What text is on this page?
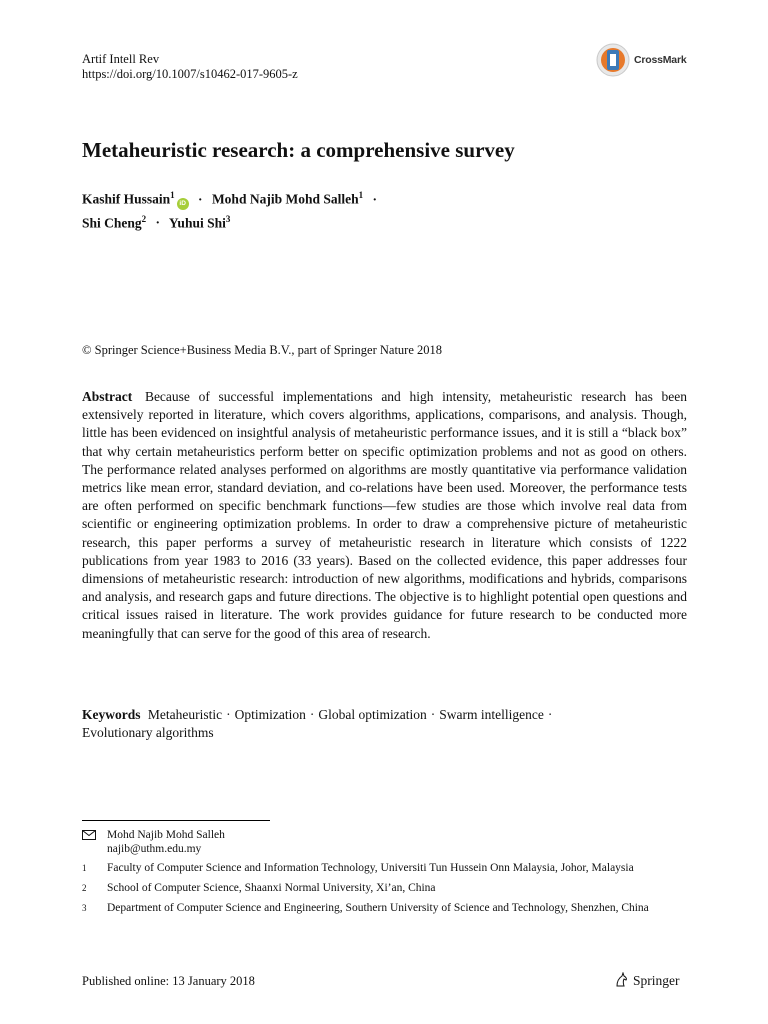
Artif Intell Rev
https://doi.org/10.1007/s10462-017-9605-z
CrossMark
Metaheuristic research: a comprehensive survey
Kashif Hussain$^1$iD · Mohd Najib Mohd Salleh$^1$ ·
Shi Cheng$^2$ · Yuhui Shi$^3$
© Springer Science+Business Media B.V., part of Springer Nature 2018
Abstract Because of successful implementations and high intensity, metaheuristic research has been extensively reported in literature, which covers algorithms, applications, comparisons, and analysis. Though, little has been evidenced on insightful analysis of metaheuristic performance issues, and it is still a “black box” that why certain metaheuristics perform better on specific optimization problems and not as good on others. The performance related analyses performed on algorithms are mostly quantitative via performance validation metrics like mean error, standard deviation, and co-relations have been used. Moreover, the performance tests are often performed on specific benchmark functions—few studies are those which involve real data from scientific or engineering optimization problems. In order to draw a comprehensive picture of metaheuristic research, this paper performs a survey of metaheuristic research in literature which consists of 1222 publications from year 1983 to 2016 (33 years). Based on the collected evidence, this paper addresses four dimensions of metaheuristic research: introduction of new algorithms, modifications and hybrids, comparisons and analysis, and research gaps and future directions. The objective is to highlight potential open questions and critical issues raised in literature. The work provides guidance for future research to be conducted more meaningfully that can serve for the good of this area of research.
Keywords Metaheuristic · Optimization · Global optimization · Swarm intelligence ·
Evolutionary algorithms
Mohd Najib Mohd Salleh
najib@uthm.edu.my
1 Faculty of Computer Science and Information Technology, Universiti Tun Hussein Onn Malaysia, Johor, Malaysia
2 School of Computer Science, Shaanxi Normal University, Xi’an, China
3 Department of Computer Science and Engineering, Southern University of Science and Technology, Shenzhen, China
Published online: 13 January 2018	Springer
